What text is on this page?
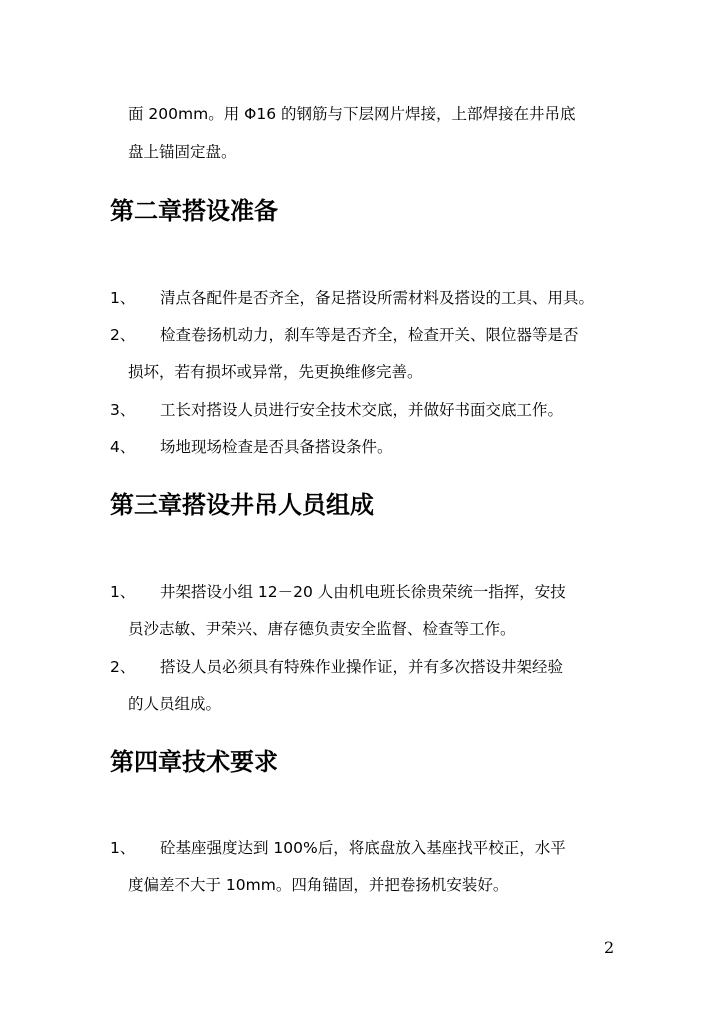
面 200mm。用 Φ16 的钢筋与下层网片焊接，上部焊接在井吊底
盘上锚固定盘。
第二章搭设准备
1、 清点各配件是否齐全，备足搭设所需材料及搭设的工具、用具。
2、 检查卷扬机动力，刹车等是否齐全，检查开关、限位器等是否
损坏，若有损坏或异常，先更换维修完善。
3、 工长对搭设人员进行安全技术交底，并做好书面交底工作。
4、 场地现场检查是否具备搭设条件。
第三章搭设井吊人员组成
1、 井架搭设小组 12－20 人由机电班长徐贵荣统一指挥，安技
员沙志敏、尹荣兴、唐存德负责安全监督、检查等工作。
2、 搭设人员必须具有特殊作业操作证，并有多次搭设井架经验
的人员组成。
第四章技术要求
1、 砼基座强度达到 100%后，将底盘放入基座找平校正，水平
度偏差不大于 10mm。四角锚固，并把卷扬机安装好。
2
